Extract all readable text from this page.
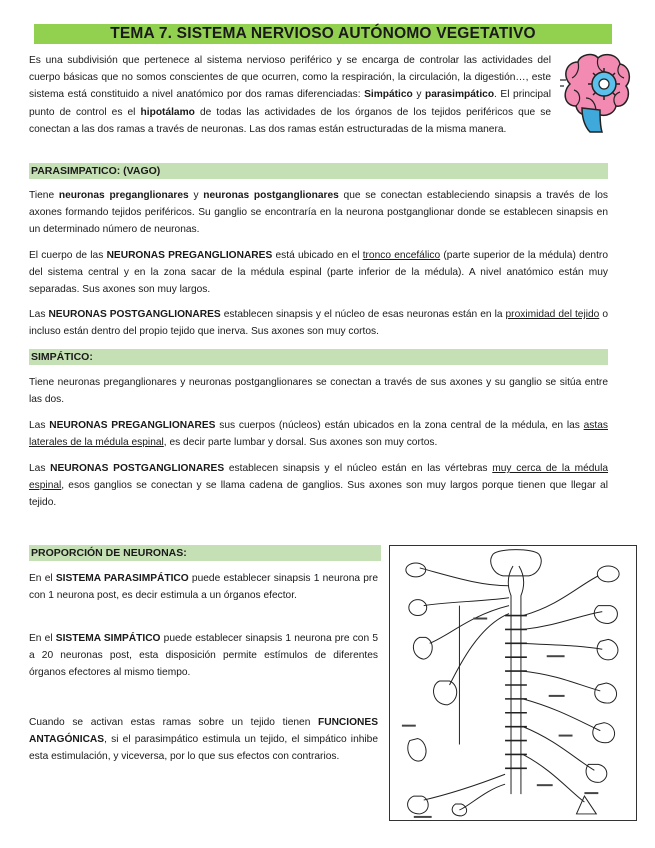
TEMA 7. SISTEMA NERVIOSO AUTÓNOMO VEGETATIVO

Es una subdivisión que pertenece al sistema nervioso periférico y se encarga de controlar las actividades del cuerpo básicas que no somos conscientes de que ocurren, como la respiración, la circulación, la digestión…, este sistema está constituido a nivel anatómico por dos ramas diferenciadas: Simpático y parasimpático. El principal punto de control es el hipotálamo de todas las actividades de los órganos de los tejidos periféricos que se conectan a las dos ramas a través de neuronas. Las dos ramas están estructuradas de la misma manera.

PARASIMPATICO: (VAGO)

Tiene neuronas preganglionares y neuronas postganglionares que se conectan estableciendo sinapsis a través de los axones formando tejidos periféricos. Su ganglio se encontraría en la neurona postganglionar donde se establecen sinapsis en un determinado número de neuronas.

El cuerpo de las NEURONAS PREGANGLIONARES está ubicado en el tronco encefálico (parte superior de la médula) dentro del sistema central y en la zona sacar de la médula espinal (parte inferior de la médula). A nivel anatómico están muy separadas. Sus axones son muy largos.

Las NEURONAS POSTGANGLIONARES establecen sinapsis y el núcleo de esas neuronas están en la proximidad del tejido o incluso están dentro del propio tejido que inerva. Sus axones son muy cortos.

SIMPÁTICO:

Tiene neuronas preganglionares y neuronas postganglionares se conectan a través de sus axones y su ganglio se sitúa entre las dos.

Las NEURONAS PREGANGLIONARES sus cuerpos (núcleos) están ubicados en la zona central de la médula, en las astas laterales de la médula espinal, es decir parte lumbar y dorsal. Sus axones son muy cortos.

Las NEURONAS POSTGANGLIONARES establecen sinapsis y el núcleo están en las vértebras muy cerca de la médula espinal, esos ganglios se conectan y se llama cadena de ganglios. Sus axones son muy largos porque tienen que llegar al tejido.

PROPORCIÓN DE NEURONAS:

En el SISTEMA PARASIMPÁTICO puede establecer sinapsis 1 neurona pre con 1 neurona post, es decir estimula a un órganos efector.

En el SISTEMA SIMPÁTICO puede establecer sinapsis 1 neurona pre con 5 a 20 neuronas post, esta disposición permite estímulos de diferentes órganos efectores al mismo tiempo.

Cuando se activan estas ramas sobre un tejido tienen FUNCIONES ANTAGÓNICAS, si el parasimpático estimula un tejido, el simpático inhibe esta estimulación, y viceversa, por lo que sus efectos con contrarios.
